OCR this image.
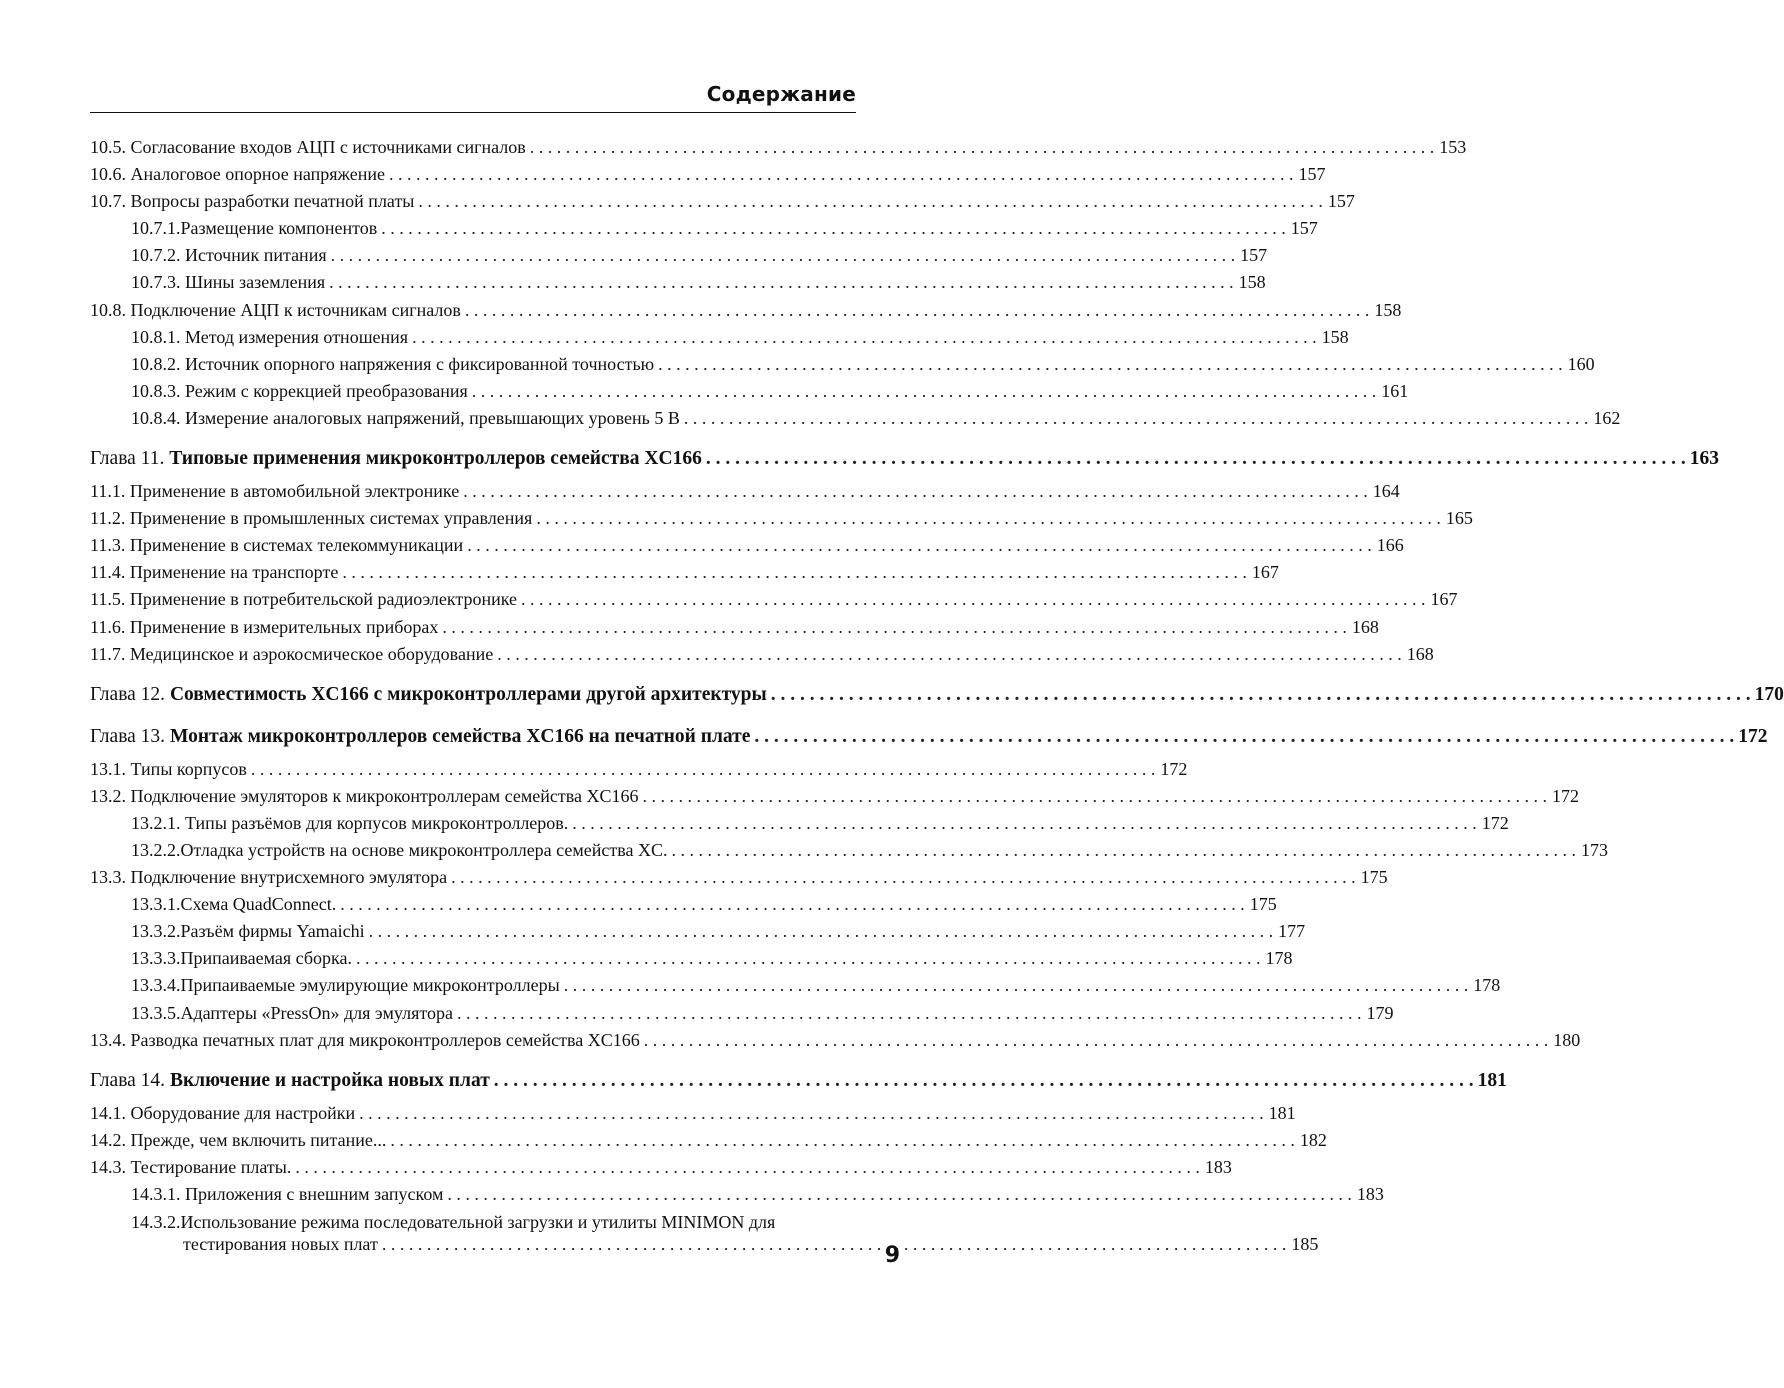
Содержание
10.5.
Согласование входов АЦП с источниками сигналов . . .	153
10.6.
Аналоговое опорное напряжение . . .	157
10.7.
Вопросы разработки печатной платы . . .	157
10.7.1. Размещение компонентов . . .	157
10.7.2.
Источник питания . . .	157
10.7.3.
Шины заземления . . .	158
10.8.
Подключение АЦП к источникам сигналов . . .	158
10.8.1.
Метод измерения отношения . . .	158
10.8.2.
Источник опорного напряжения с фиксированной точностью . . .	160
10.8.3.
Режим с коррекцией преобразования . . .	161
10.8.4.
Измерение аналоговых напряжений, превышающих уровень 5 В . . .	162
Глава 11.
Типовые применения микроконтроллеров семейства XC166 . . .	163
11.1.
Применение в автомобильной электронике . . .	164
11.2.
Применение в промышленных системах управления . . .	165
11.3.
Применение в системах телекоммуникации . . .	166
11.4.
Применение на транспорте . . .	167
11.5.
Применение в потребительской радиоэлектронике . . .	167
11.6.
Применение в измерительных приборах . . .	168
11.7.
Медицинское и аэрокосмическое оборудование . . .	168
Глава 12.
Совместимость XC166 с микроконтроллерами другой архитектуры . . .	170
Глава 13.
Монтаж микроконтроллеров семейства XC166 на печатной плате . . .	172
13.1.
Типы корпусов . . .	172
13.2.
Подключение эмуляторов к микроконтроллерам семейства XC166 . . .	172
13.2.1.
Типы разъёмов для корпусов микроконтроллеров. . . .	172
13.2.2. Отладка устройств на основе микроконтроллера семейства XC. . . .	173
13.3.
Подключение внутрисхемного эмулятора . . .	175
13.3.1. Схема QuadConnect. . . .	175
13.3.2. Разъём фирмы Yamaichi . . .	177
13.3.3. Припаиваемая сборка. . . .	178
13.3.4. Припаиваемые эмулирующие микроконтроллеры . . .	178
13.3.5. Адаптеры «PressOn» для эмулятора . . .	179
13.4.
Разводка печатных плат для микроконтроллеров семейства XC166 . . .	180
Глава 14.
Включение и настройка новых плат . . .	181
14.1.
Оборудование для настройки . . .	181
14.2.
Прежде, чем включить питание... . . .	182
14.3.
Тестирование платы. . . .	183
14.3.1.
Приложения с внешним запуском . . .	183
14.3.2.Использование режима последовательной загрузки и утилиты MINIMON для
тестирования новых плат . . .	185
9
